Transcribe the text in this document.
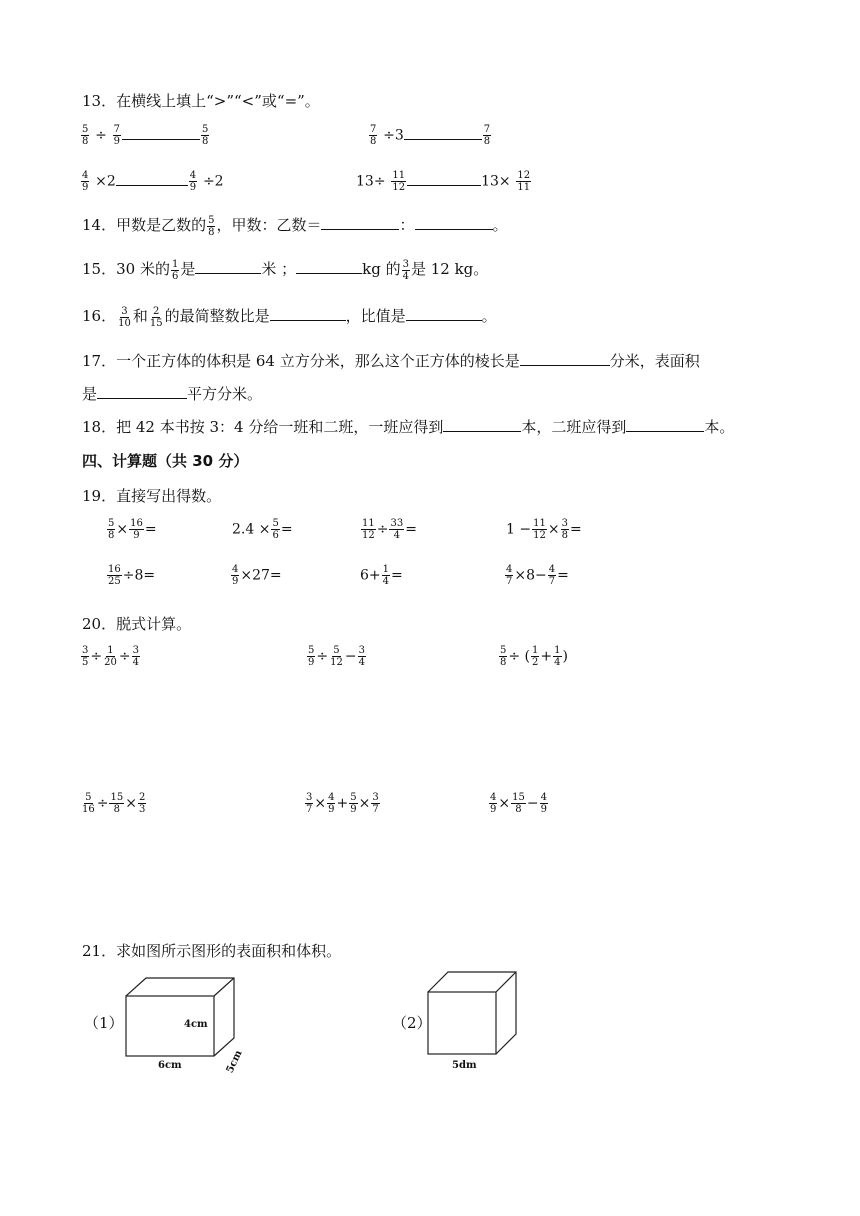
13．在横线上填上“>”“<”或“=”。
$\frac{5}{8} \div \frac{7}{9}$	$\frac{5}{8}$	$\frac{7}{8} \div 3$	$\frac{7}{8}$
$\frac{4}{9} \times 2$	$\frac{4}{9} \div 2$	$13\div \frac{11}{12}$	$13\times \frac{12}{11}$
14．甲数是乙数的 $\frac{5}{8}$ ，甲数：乙数＝	：	。
15．30 米的 $\frac{1}{6}$ 是	米 ；	kg 的 $\frac{3}{4}$ 是 12 kg。
16． $\frac{3}{10}$ 和 $\frac{2}{15}$ 的最简整数比是	，比值是	。
17．一个正方体的体积是 64 立方分米，那么这个正方体的棱长是	分米，表面积
是	平方分米。
18．把 42 本书按 3：4 分给一班和二班，一班应得到	本，二班应得到	本。
四、计算题（共 30 分）
19．直接写出得数。
$\frac{5}{8} \times \frac{16}{9}$ =	$2.4 \times \frac{5}{6}$ =	$\frac{11}{12} \div \frac{33}{4}$ =	$1 - \frac{11}{12} \times \frac{3}{8}$ =
$\frac{16}{25} \div 8=$	$\frac{4}{9} \times 27=$	$6+ \frac{1}{4}$ =	$\frac{4}{7} \times 8- \frac{4}{7}$ =
20．脱式计算。
$\frac{3}{5} \div \frac{1}{20} \div \frac{3}{4}$	$\frac{5}{9} \div \frac{5}{12} - \frac{3}{4}$	$\frac{5}{8}$ ÷ ( $\frac{1}{2} + \frac{1}{4}$ )
$\frac{5}{16} \div \frac{15}{8} \times \frac{2}{3}$	$\frac{3}{7} \times \frac{4}{9} + \frac{5}{9} \times \frac{3}{7}$	$\frac{4}{9} \times \frac{15}{8} - \frac{4}{9}$
21．求如图所示图形的表面积和体积。
（1）	4cm
6cm	5cm
（2）
5dm
